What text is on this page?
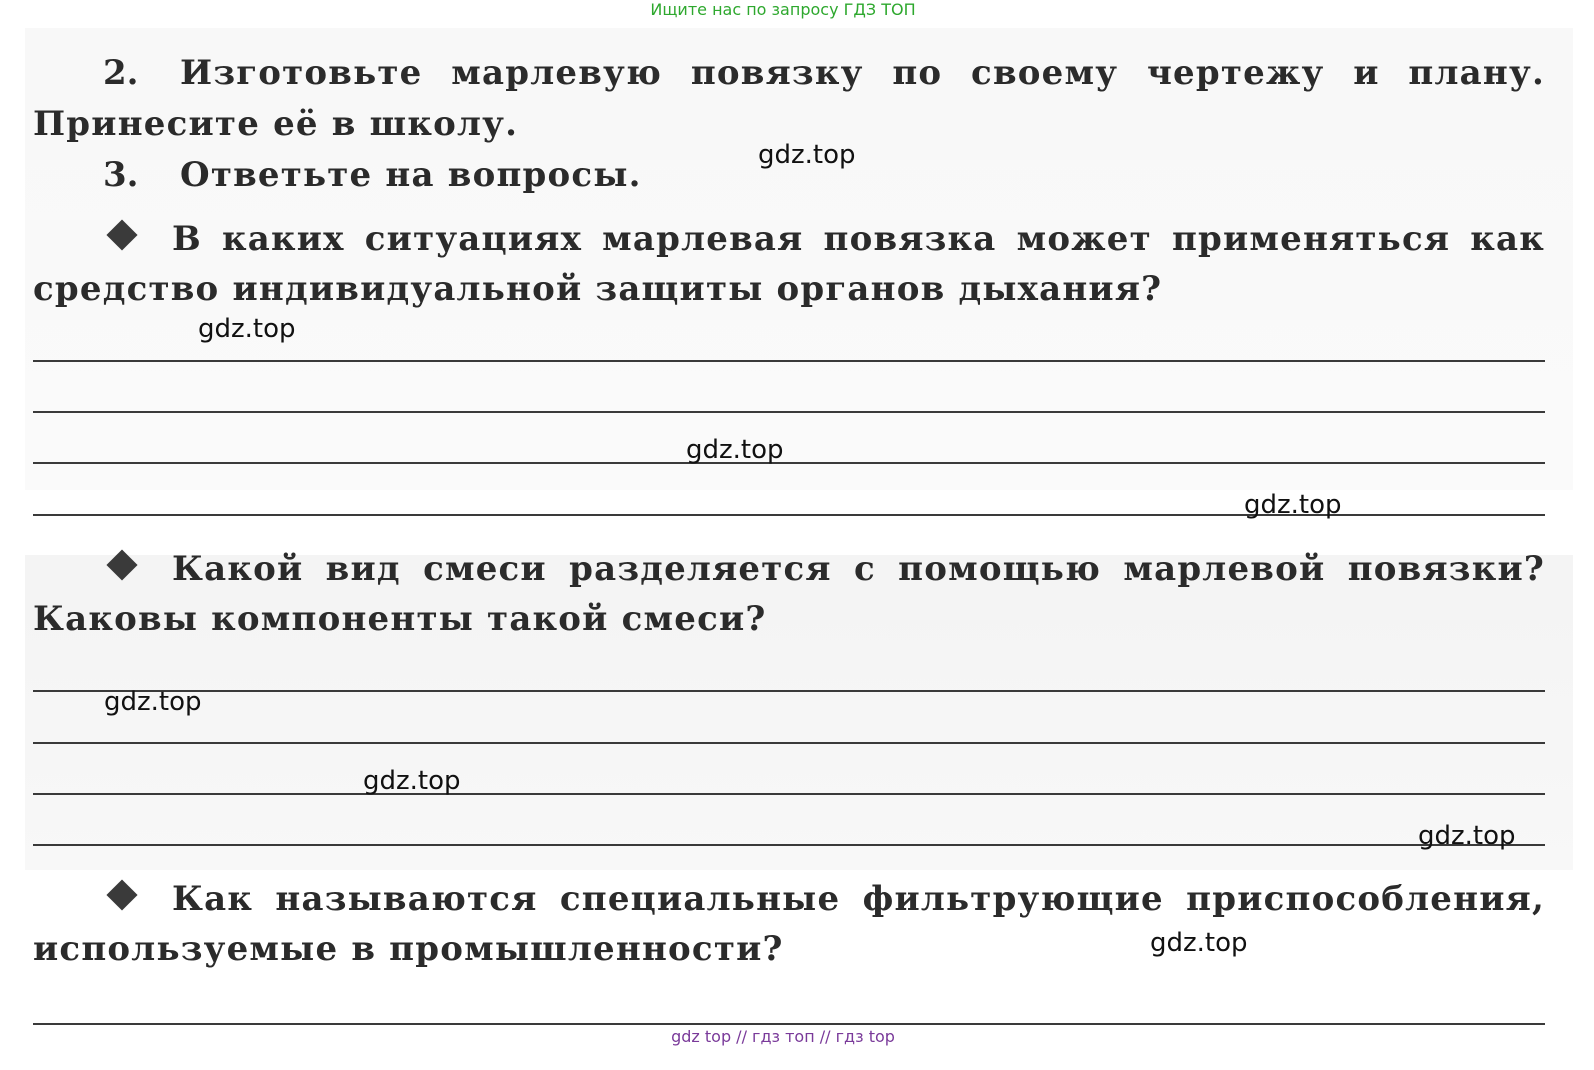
Ищите нас по запросу ГДЗ ТОП
2. Изготовьте марлевую повязку по своему чертежу и плану.
Принесите её в школу.
3. Ответьте на вопросы.
В каких ситуациях марлевая повязка может применяться как
средство индивидуальной защиты органов дыхания?
Какой вид смеси разделяется с помощью марлевой повязки?
Каковы компоненты такой смеси?
Как называются специальные фильтрующие приспособления,
используемые в промышленности?
gdz.top
gdz.top
gdz.top
gdz.top
gdz.top
gdz.top
gdz.top
gdz.top
gdz top // гдз топ // гдз top
